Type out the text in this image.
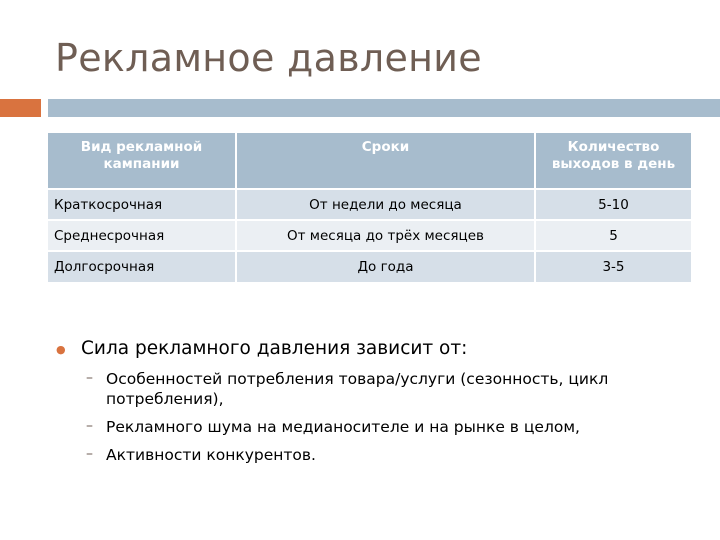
Рекламное давление
Вид рекламной кампании	Сроки	Количество выходов в день
Краткосрочная	От недели до месяца	5-10
Среднесрочная	От месяца до трёх месяцев	5
Долгосрочная	До года	3-5
● Сила рекламного давления зависит от:
– Особенностей потребления товара/услуги (сезонность, цикл потребления),
– Рекламного шума на медианосителе и на рынке в целом,
– Активности конкурентов.
